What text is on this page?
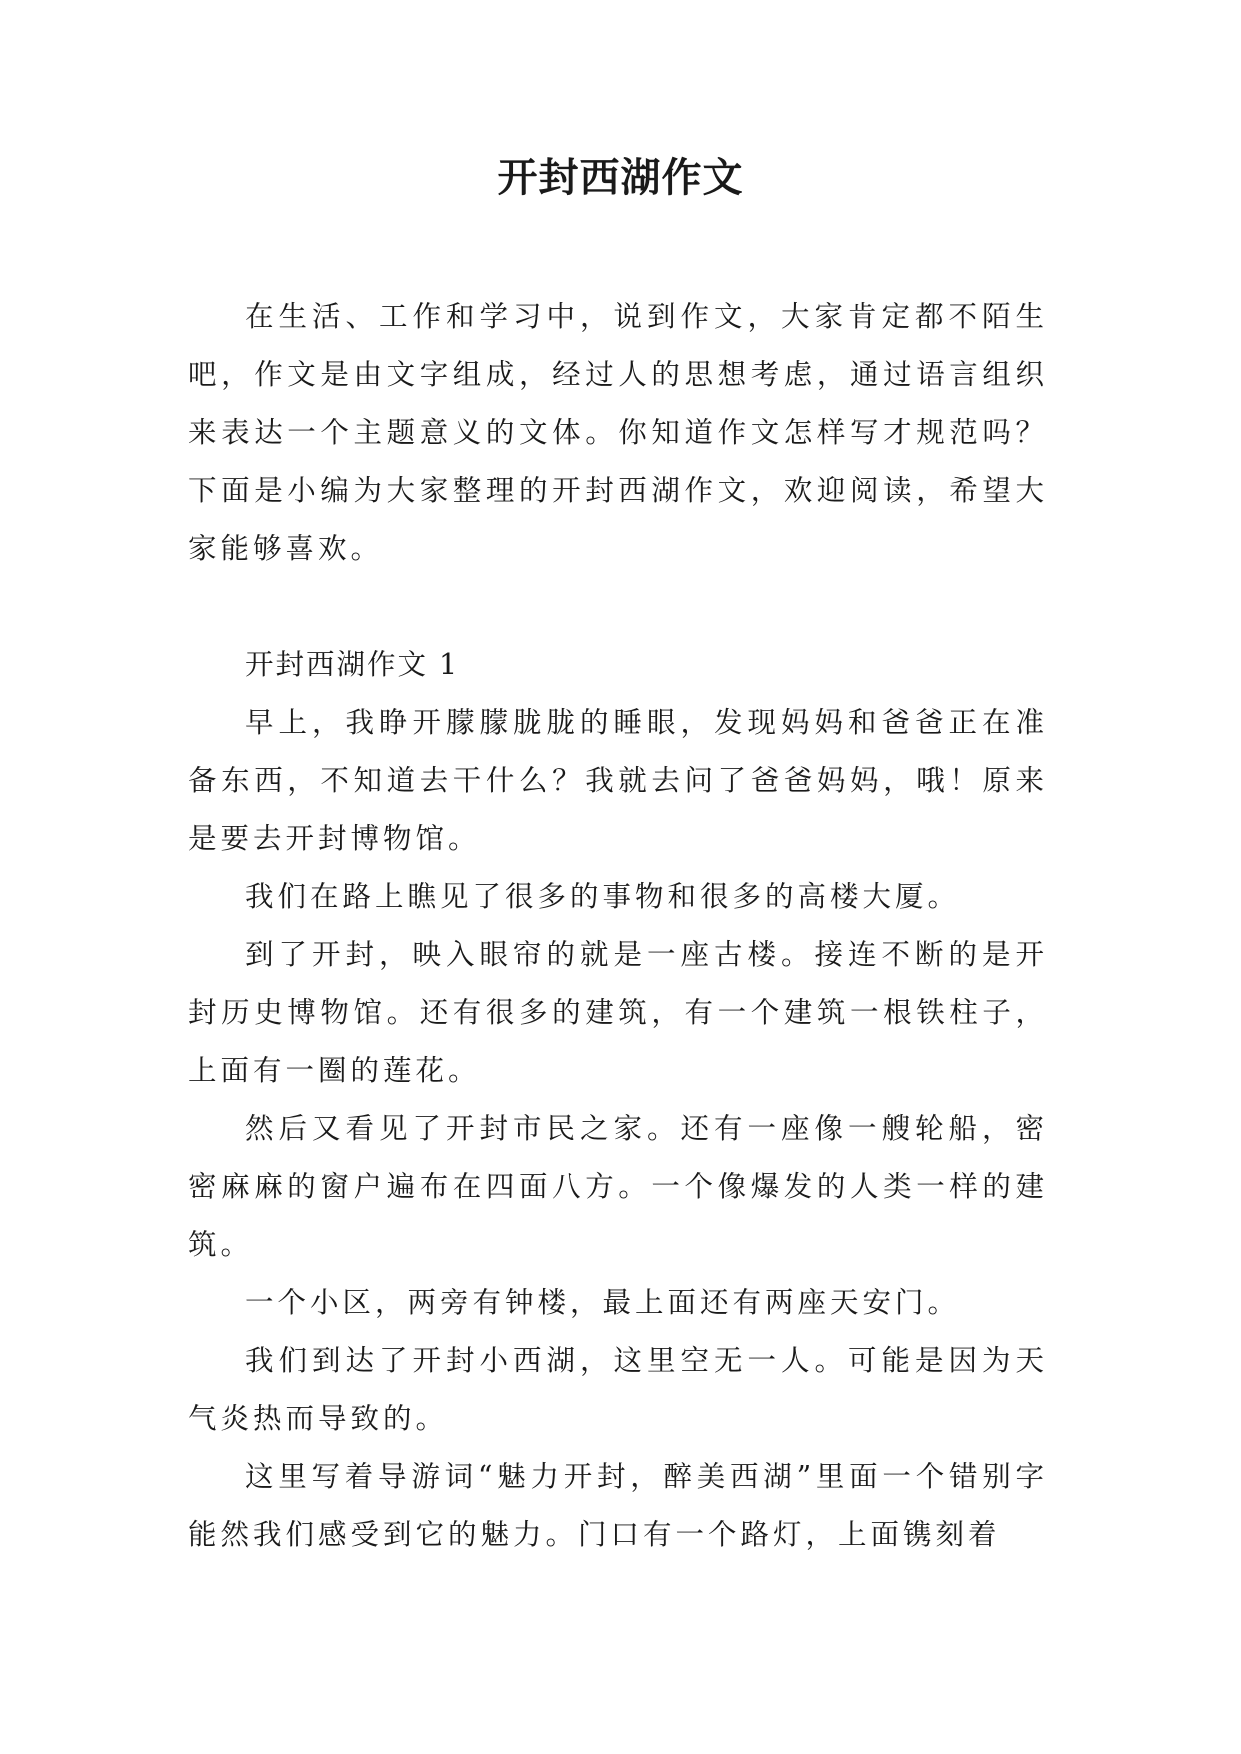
开封西湖作文

在生活、工作和学习中，说到作文，大家肯定都不陌生吧，作文是由文字组成，经过人的思想考虑，通过语言组织来表达一个主题意义的文体。你知道作文怎样写才规范吗？下面是小编为大家整理的开封西湖作文，欢迎阅读，希望大家能够喜欢。

开封西湖作文 1

早上，我睁开朦朦胧胧的睡眼，发现妈妈和爸爸正在准备东西，不知道去干什么？我就去问了爸爸妈妈，哦！原来是要去开封博物馆。

我们在路上瞧见了很多的事物和很多的高楼大厦。

到了开封，映入眼帘的就是一座古楼。接连不断的是开封历史博物馆。还有很多的建筑，有一个建筑一根铁柱子，上面有一圈的莲花。

然后又看见了开封市民之家。还有一座像一艘轮船，密密麻麻的窗户遍布在四面八方。一个像爆发的人类一样的建筑。

一个小区，两旁有钟楼，最上面还有两座天安门。

我们到达了开封小西湖，这里空无一人。可能是因为天气炎热而导致的。

这里写着导游词“魅力开封，醉美西湖”里面一个错别字能然我们感受到它的魅力。门口有一个路灯，上面镌刻着
